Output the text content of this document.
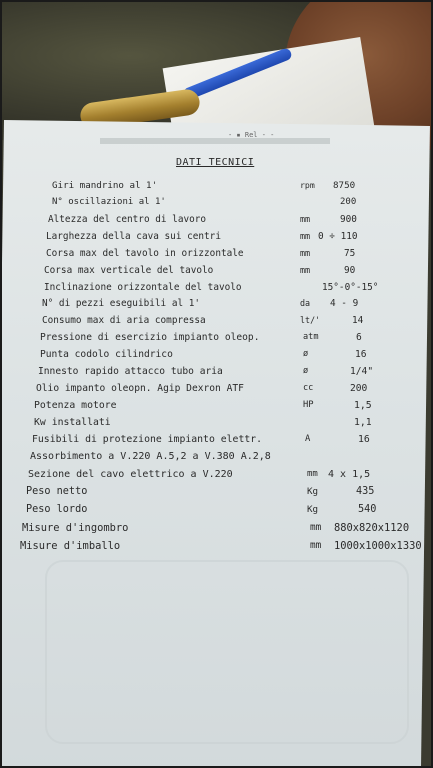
- ▪ Rel - -
DATI TECNICI
Giri mandrino al 1'	rpm 8750
N° oscillazioni al 1'	200
Altezza del centro di lavoro	mm	900
Larghezza della cava sui centri	mm 0 ÷ 110
Corsa max del tavolo in orizzontale	mm	75
Corsa max verticale del tavolo	mm	90
Inclinazione orizzontale del tavolo	15°-0°-15°
N° di pezzi eseguibili al 1'	da 4 - 9
Consumo max di aria compressa	lt/'	14
Pressione di esercizio impianto oleop.	atm	6
Punta codolo cilindrico	ø	16
Innesto rapido attacco tubo aria	ø	1/4"
Olio impanto oleopn. Agip Dexron ATF	cc	200
Potenza motore	HP	1,5
Kw installati	1,1
Fusibili di protezione impianto elettr.	A	16
Assorbimento a V.220 A.5,2 a V.380 A.2,8
Sezione del cavo elettrico a V.220	mm 4 x 1,5
Peso netto	Kg	435
Peso lordo	Kg	540
Misure d'ingombro	mm 880x820x1120
Misure d'imballo	mm 1000x1000x1330
